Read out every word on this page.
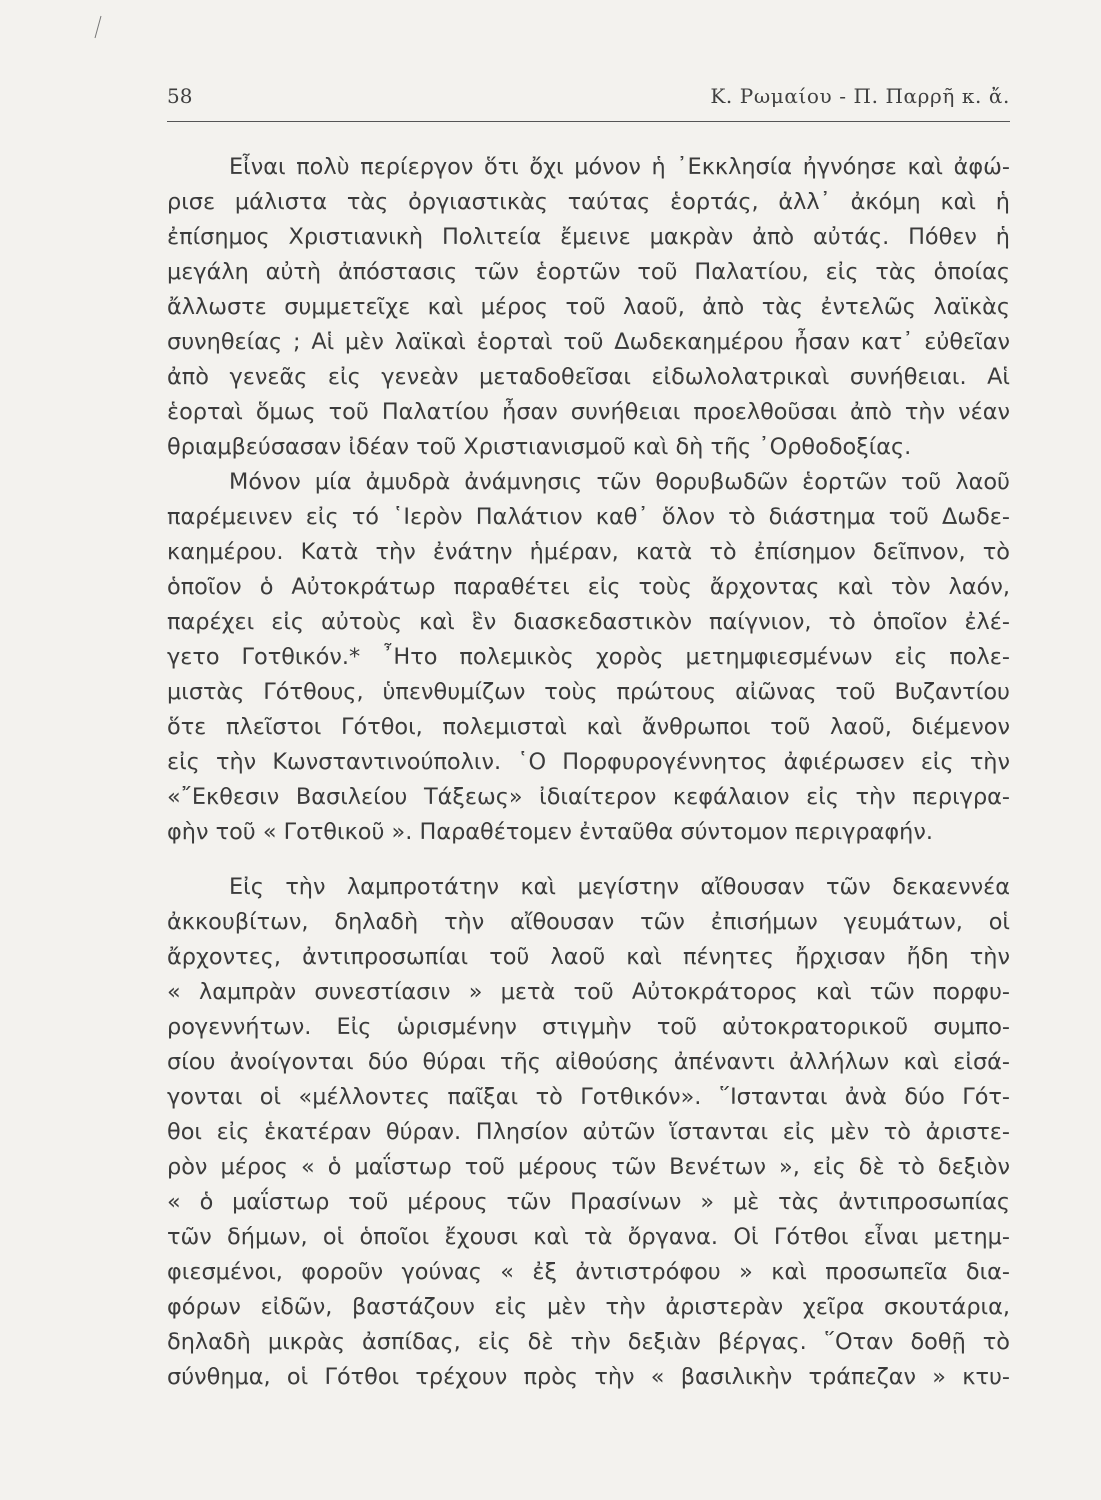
58	Κ. Ρωμαίου - Π. Παρρῆ κ. ἄ.
Εἶναι πολὺ περίεργον ὅτι ὄχι μόνον ἡ ᾿Εκκλησία ἠγνόησε καὶ ἀφώ-
ρισε μάλιστα τὰς ὀργιαστικὰς ταύτας ἑορτάς, ἀλλ᾿ ἀκόμη καὶ ἡ
ἐπίσημος Χριστιανικὴ Πολιτεία ἔμεινε μακρὰν ἀπὸ αὐτάς. Πόθεν ἡ
μεγάλη αὐτὴ ἀπόστασις τῶν ἑορτῶν τοῦ Παλατίου, εἰς τὰς ὁποίας
ἄλλωστε συμμετεῖχε καὶ μέρος τοῦ λαοῦ, ἀπὸ τὰς ἐντελῶς λαϊκὰς
συνηθείας ; Αἱ μὲν λαϊκαὶ ἑορταὶ τοῦ Δωδεκαημέρου ἦσαν κατ᾿ εὐθεῖαν
ἀπὸ γενεᾶς εἰς γενεὰν μεταδοθεῖσαι εἰδωλολατρικαὶ συνήθειαι. Αἱ
ἑορταὶ ὅμως τοῦ Παλατίου ἦσαν συνήθειαι προελθοῦσαι ἀπὸ τὴν νέαν
θριαμβεύσασαν ἰδέαν τοῦ Χριστιανισμοῦ καὶ δὴ τῆς ᾿Ορθοδοξίας.
Μόνον μία ἀμυδρὰ ἀνάμνησις τῶν θορυβωδῶν ἑορτῶν τοῦ λαοῦ
παρέμεινεν εἰς τό ῾Ιερὸν Παλάτιον καθ᾿ ὅλον τὸ διάστημα τοῦ Δωδε-
καημέρου. Κατὰ τὴν ἐνάτην ἡμέραν, κατὰ τὸ ἐπίσημον δεῖπνον, τὸ
ὁποῖον ὁ Αὐτοκράτωρ παραθέτει εἰς τοὺς ἄρχοντας καὶ τὸν λαόν,
παρέχει εἰς αὐτοὺς καὶ ἓν διασκεδαστικὸν παίγνιον, τὸ ὁποῖον ἐλέ-
γετο Γοτθικόν.* ῏Ητο πολεμικὸς χορὸς μετημφιεσμένων εἰς πολε-
μιστὰς Γότθους, ὑπενθυμίζων τοὺς πρώτους αἰῶνας τοῦ Βυζαντίου
ὅτε πλεῖστοι Γότθοι, πολεμισταὶ καὶ ἄνθρωποι τοῦ λαοῦ, διέμενον
εἰς τὴν Κωνσταντινούπολιν. ῾Ο Πορφυρογέννητος ἀφιέρωσεν εἰς τὴν
«῎Εκθεσιν Βασιλείου Τάξεως» ἰδιαίτερον κεφάλαιον εἰς τὴν περιγρα-
φὴν τοῦ « Γοτθικοῦ ». Παραθέτομεν ἐνταῦθα σύντομον περιγραφήν.
Εἰς τὴν λαμπροτάτην καὶ μεγίστην αἴθουσαν τῶν δεκαεννέα
ἀκκουβίτων, δηλαδὴ τὴν αἴθουσαν τῶν ἐπισήμων γευμάτων, οἱ
ἄρχοντες, ἀντιπροσωπίαι τοῦ λαοῦ καὶ πένητες ἤρχισαν ἤδη τὴν
« λαμπρὰν συνεστίασιν » μετὰ τοῦ Αὐτοκράτορος καὶ τῶν πορφυ-
ρογεννήτων. Εἰς ὡρισμένην στιγμὴν τοῦ αὐτοκρατορικοῦ συμπο-
σίου ἀνοίγονται δύο θύραι τῆς αἰθούσης ἀπέναντι ἀλλήλων καὶ εἰσά-
γονται οἱ «μέλλοντες παῖξαι τὸ Γοτθικόν». ῞Ιστανται ἀνὰ δύο Γότ-
θοι εἰς ἑκατέραν θύραν. Πλησίον αὐτῶν ἵστανται εἰς μὲν τὸ ἀριστε-
ρὸν μέρος « ὁ μαΐστωρ τοῦ μέρους τῶν Βενέτων », εἰς δὲ τὸ δεξιὸν
« ὁ μαΐστωρ τοῦ μέρους τῶν Πρασίνων » μὲ τὰς ἀντιπροσωπίας
τῶν δήμων, οἱ ὁποῖοι ἔχουσι καὶ τὰ ὄργανα. Οἱ Γότθοι εἶναι μετημ-
φιεσμένοι, φοροῦν γούνας « ἐξ ἀντιστρόφου » καὶ προσωπεῖα δια-
φόρων εἰδῶν, βαστάζουν εἰς μὲν τὴν ἀριστερὰν χεῖρα σκουτάρια,
δηλαδὴ μικρὰς ἀσπίδας, εἰς δὲ τὴν δεξιὰν βέργας. ῞Οταν δοθῇ τὸ
σύνθημα, οἱ Γότθοι τρέχουν πρὸς τὴν « βασιλικὴν τράπεζαν » κτυ-
